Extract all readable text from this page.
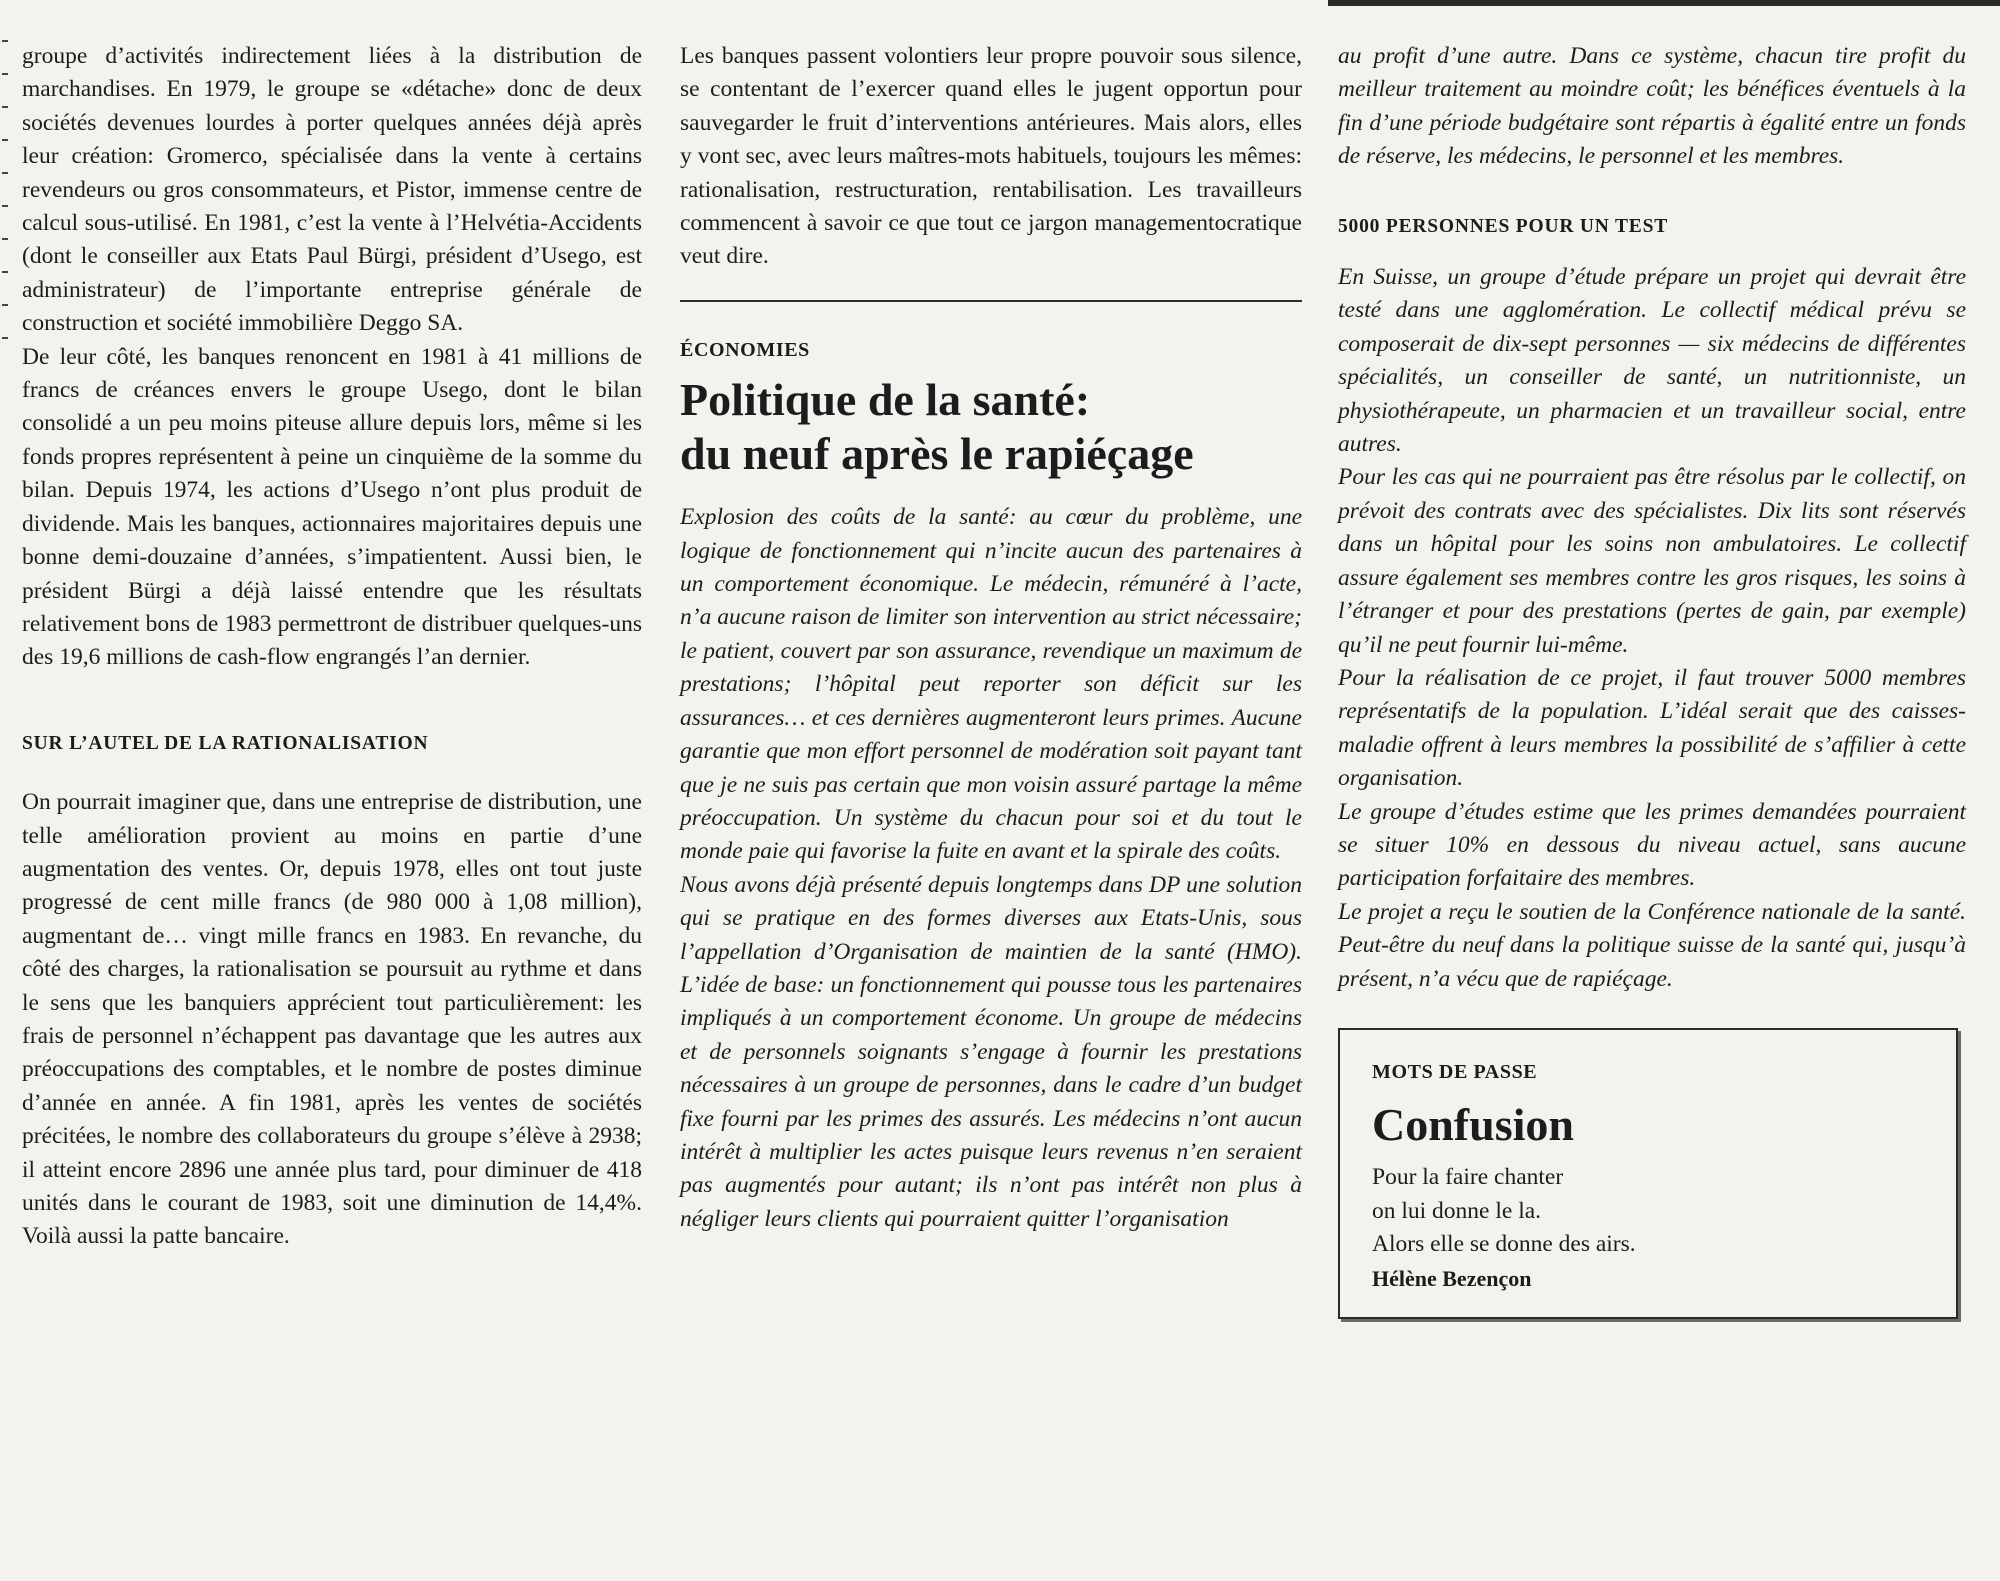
groupe d’activités indirectement liées à la distribution de marchandises. En 1979, le groupe se «détache» donc de deux sociétés devenues lourdes à porter quelques années déjà après leur création: Gromerco, spécialisée dans la vente à certains revendeurs ou gros consommateurs, et Pistor, immense centre de calcul sous-utilisé. En 1981, c’est la vente à l’Helvétia-Accidents (dont le conseiller aux Etats Paul Bürgi, président d’Usego, est administrateur) de l’importante entreprise générale de construction et société immobilière Deggo SA.

De leur côté, les banques renoncent en 1981 à 41 millions de francs de créances envers le groupe Usego, dont le bilan consolidé a un peu moins piteuse allure depuis lors, même si les fonds propres représentent à peine un cinquième de la somme du bilan. Depuis 1974, les actions d’Usego n’ont plus produit de dividende. Mais les banques, actionnaires majoritaires depuis une bonne demi-douzaine d’années, s’impatientent. Aussi bien, le président Bürgi a déjà laissé entendre que les résultats relativement bons de 1983 permettront de distribuer quelques-uns des 19,6 millions de cash-flow engrangés l’an dernier.

SUR L’AUTEL DE LA RATIONALISATION

On pourrait imaginer que, dans une entreprise de distribution, une telle amélioration provient au moins en partie d’une augmentation des ventes. Or, depuis 1978, elles ont tout juste progressé de cent mille francs (de 980 000 à 1,08 million), augmentant de… vingt mille francs en 1983. En revanche, du côté des charges, la rationalisation se poursuit au rythme et dans le sens que les banquiers apprécient tout particulièrement: les frais de personnel n’échappent pas davantage que les autres aux préoccupations des comptables, et le nombre de postes diminue d’année en année. A fin 1981, après les ventes de sociétés précitées, le nombre des collaborateurs du groupe s’élève à 2938; il atteint encore 2896 une année plus tard, pour diminuer de 418 unités dans le courant de 1983, soit une diminution de 14,4%. Voilà aussi la patte bancaire.

Les banques passent volontiers leur propre pouvoir sous silence, se contentant de l’exercer quand elles le jugent opportun pour sauvegarder le fruit d’interventions antérieures. Mais alors, elles y vont sec, avec leurs maîtres-mots habituels, toujours les mêmes: rationalisation, restructuration, rentabilisation. Les travailleurs commencent à savoir ce que tout ce jargon managementocratique veut dire.

ÉCONOMIES
Politique de la santé:
du neuf après le rapiéçage

Explosion des coûts de la santé: au cœur du problème, une logique de fonctionnement qui n’incite aucun des partenaires à un comportement économique. Le médecin, rémunéré à l’acte, n’a aucune raison de limiter son intervention au strict nécessaire; le patient, couvert par son assurance, revendique un maximum de prestations; l’hôpital peut reporter son déficit sur les assurances… et ces dernières augmenteront leurs primes. Aucune garantie que mon effort personnel de modération soit payant tant que je ne suis pas certain que mon voisin assuré partage la même préoccupation. Un système du chacun pour soi et du tout le monde paie qui favorise la fuite en avant et la spirale des coûts.

Nous avons déjà présenté depuis longtemps dans DP une solution qui se pratique en des formes diverses aux Etats-Unis, sous l’appellation d’Organisation de maintien de la santé (HMO). L’idée de base: un fonctionnement qui pousse tous les partenaires impliqués à un comportement économe. Un groupe de médecins et de personnels soignants s’engage à fournir les prestations nécessaires à un groupe de personnes, dans le cadre d’un budget fixe fourni par les primes des assurés. Les médecins n’ont aucun intérêt à multiplier les actes puisque leurs revenus n’en seraient pas augmentés pour autant; ils n’ont pas intérêt non plus à négliger leurs clients qui pourraient quitter l’organisation

au profit d’une autre. Dans ce système, chacun tire profit du meilleur traitement au moindre coût; les bénéfices éventuels à la fin d’une période budgétaire sont répartis à égalité entre un fonds de réserve, les médecins, le personnel et les membres.

5000 PERSONNES POUR UN TEST

En Suisse, un groupe d’étude prépare un projet qui devrait être testé dans une agglomération. Le collectif médical prévu se composerait de dix-sept personnes — six médecins de différentes spécialités, un conseiller de santé, un nutritionniste, un physiothérapeute, un pharmacien et un travailleur social, entre autres.

Pour les cas qui ne pourraient pas être résolus par le collectif, on prévoit des contrats avec des spécialistes. Dix lits sont réservés dans un hôpital pour les soins non ambulatoires. Le collectif assure également ses membres contre les gros risques, les soins à l’étranger et pour des prestations (pertes de gain, par exemple) qu’il ne peut fournir lui-même.

Pour la réalisation de ce projet, il faut trouver 5000 membres représentatifs de la population. L’idéal serait que des caisses-maladie offrent à leurs membres la possibilité de s’affilier à cette organisation.

Le groupe d’études estime que les primes demandées pourraient se situer 10% en dessous du niveau actuel, sans aucune participation forfaitaire des membres.

Le projet a reçu le soutien de la Conférence nationale de la santé. Peut-être du neuf dans la politique suisse de la santé qui, jusqu’à présent, n’a vécu que de rapiéçage.

MOTS DE PASSE
Confusion

Pour la faire chanter

on lui donne le la.

Alors elle se donne des airs.

Hélène Bezençon
